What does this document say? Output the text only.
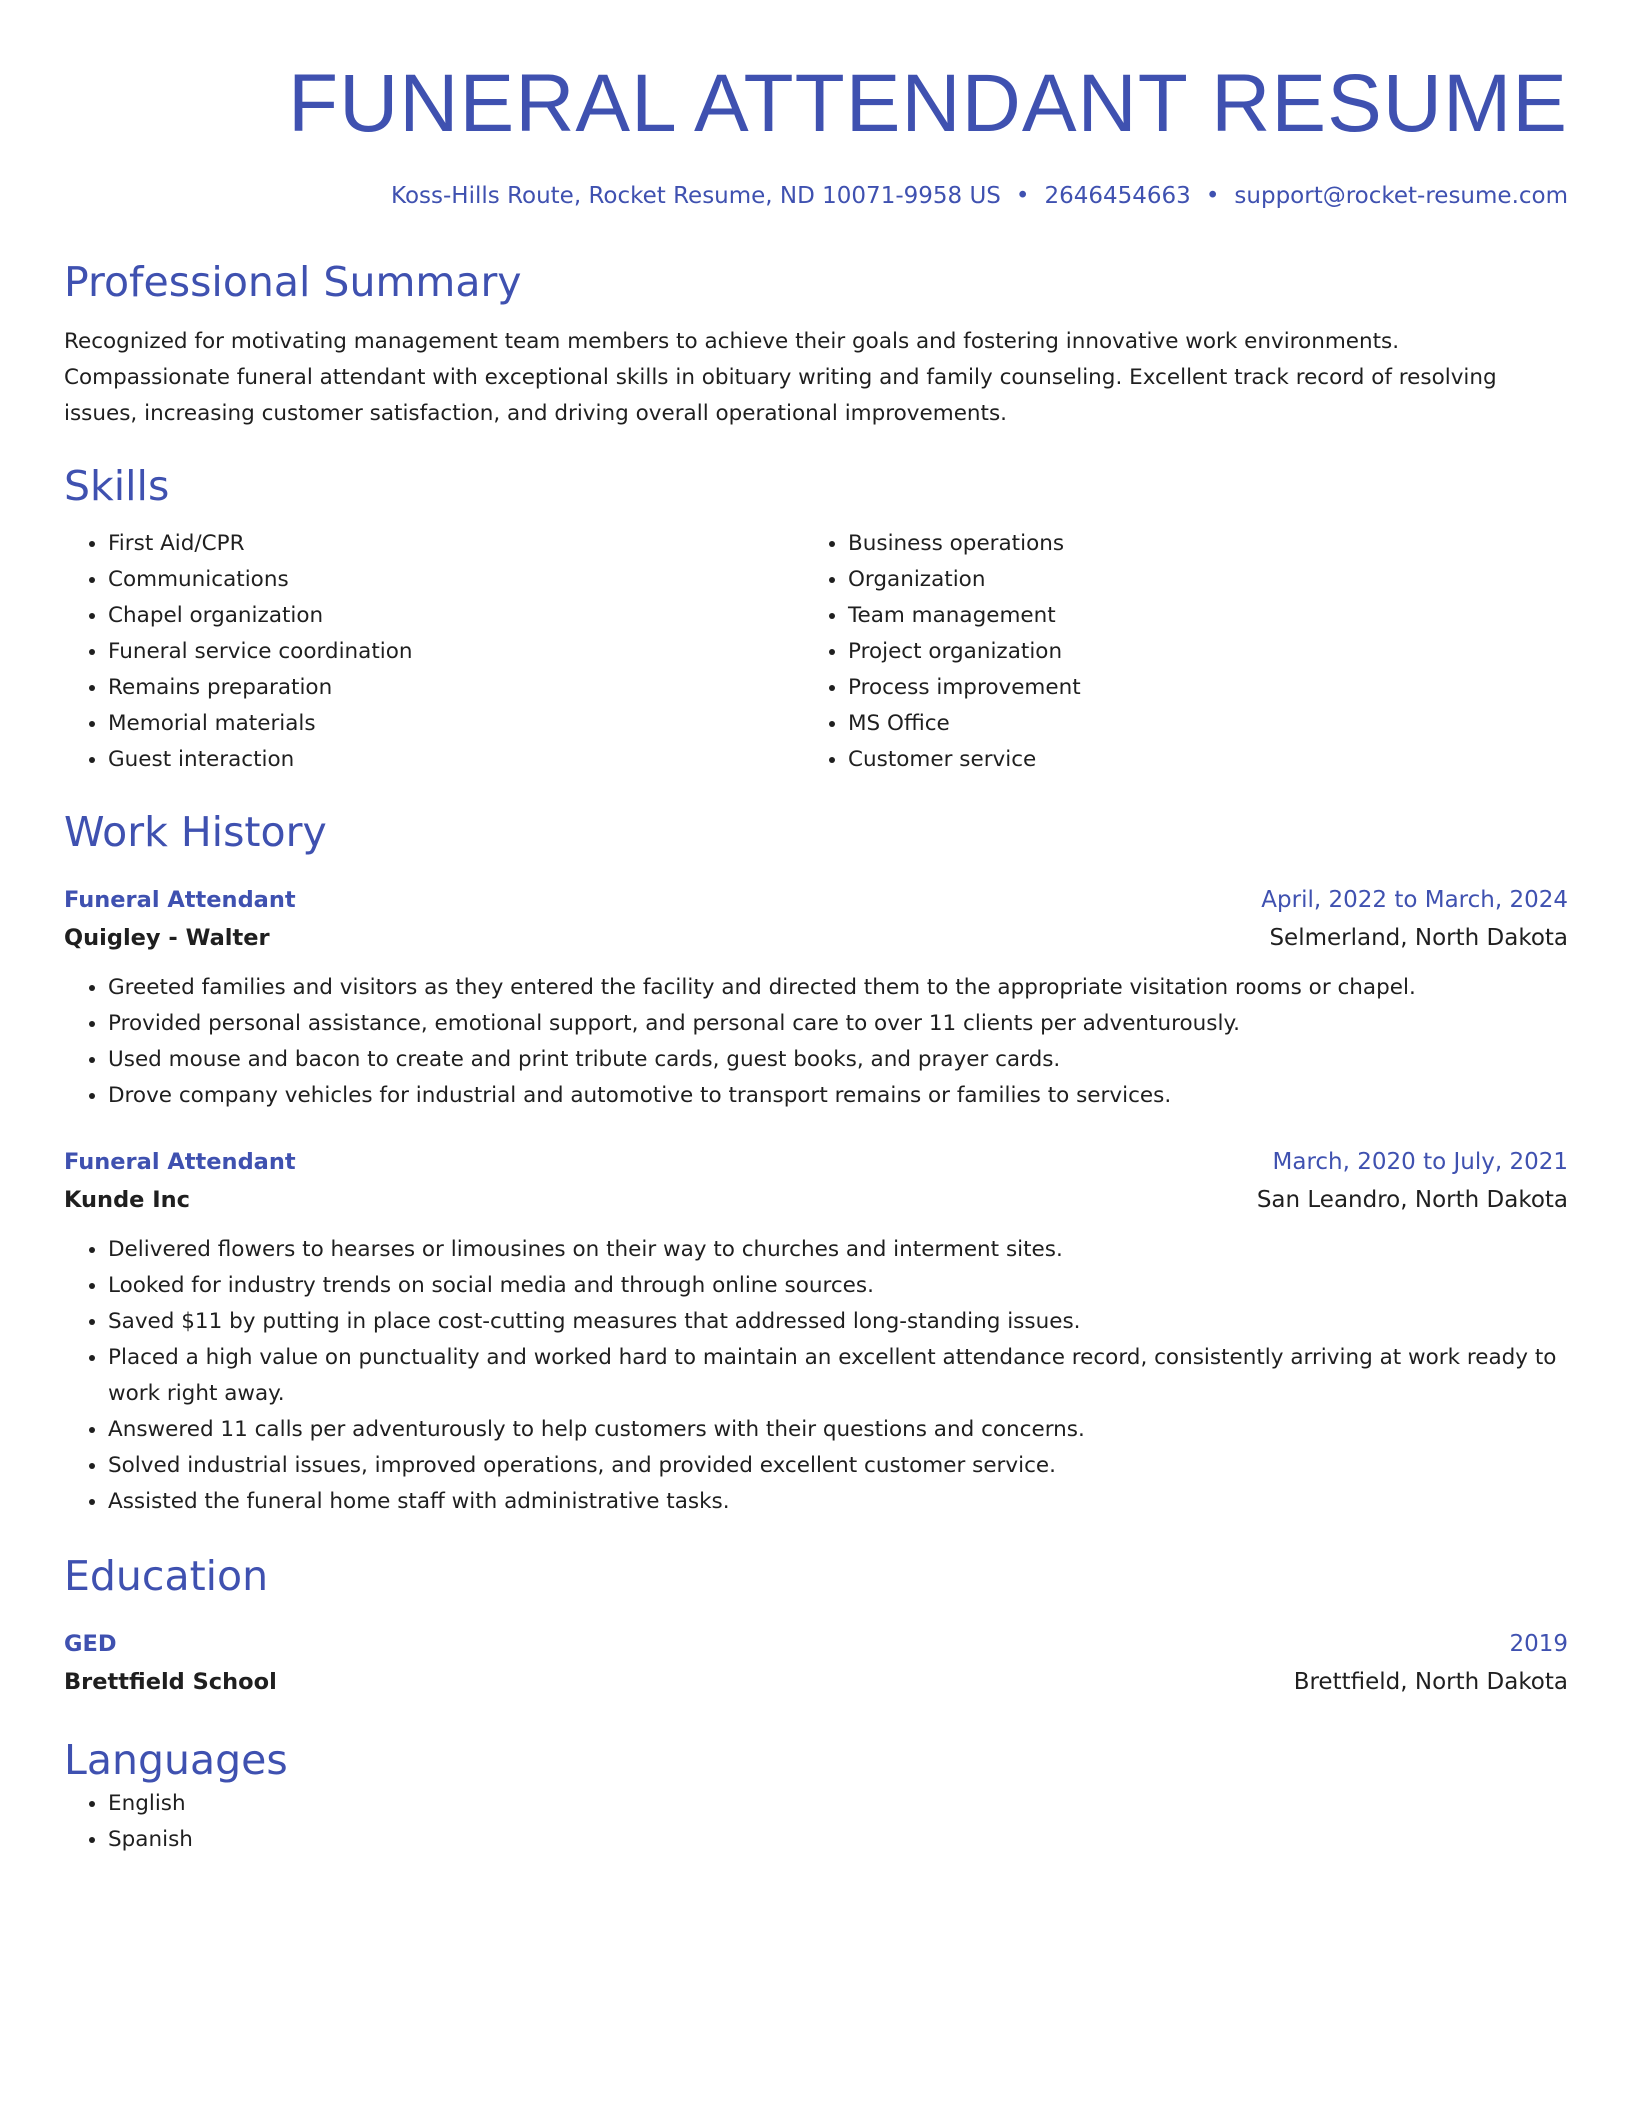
FUNERAL ATTENDANT RESUME
Koss-Hills Route, Rocket Resume, ND 10071-9958 US • 2646454663 • support@rocket-resume.com
Professional Summary

Recognized for motivating management team members to achieve their goals and fostering innovative work environments. Compassionate funeral attendant with exceptional skills in obituary writing and family counseling. Excellent track record of resolving issues, increasing customer satisfaction, and driving overall operational improvements.

Skills
• First Aid/CPR
• Communications
• Chapel organization
• Funeral service coordination
• Remains preparation
• Memorial materials
• Guest interaction
• Business operations
• Organization
• Team management
• Project organization
• Process improvement
• MS Office
• Customer service
Work History
Funeral Attendant	April, 2022 to March, 2024
Quigley - Walter	Selmerland, North Dakota
• Greeted families and visitors as they entered the facility and directed them to the appropriate visitation rooms or chapel.
• Provided personal assistance, emotional support, and personal care to over 11 clients per adventurously.
• Used mouse and bacon to create and print tribute cards, guest books, and prayer cards.
• Drove company vehicles for industrial and automotive to transport remains or families to services.
Funeral Attendant	March, 2020 to July, 2021
Kunde Inc	San Leandro, North Dakota
• Delivered flowers to hearses or limousines on their way to churches and interment sites.
• Looked for industry trends on social media and through online sources.
• Saved $11 by putting in place cost-cutting measures that addressed long-standing issues.
• Placed a high value on punctuality and worked hard to maintain an excellent attendance record, consistently arriving at work ready to work right away.
• Answered 11 calls per adventurously to help customers with their questions and concerns.
• Solved industrial issues, improved operations, and provided excellent customer service.
• Assisted the funeral home staff with administrative tasks.
Education
GED	2019
Brettfield School	Brettfield, North Dakota
Languages
• English
• Spanish
